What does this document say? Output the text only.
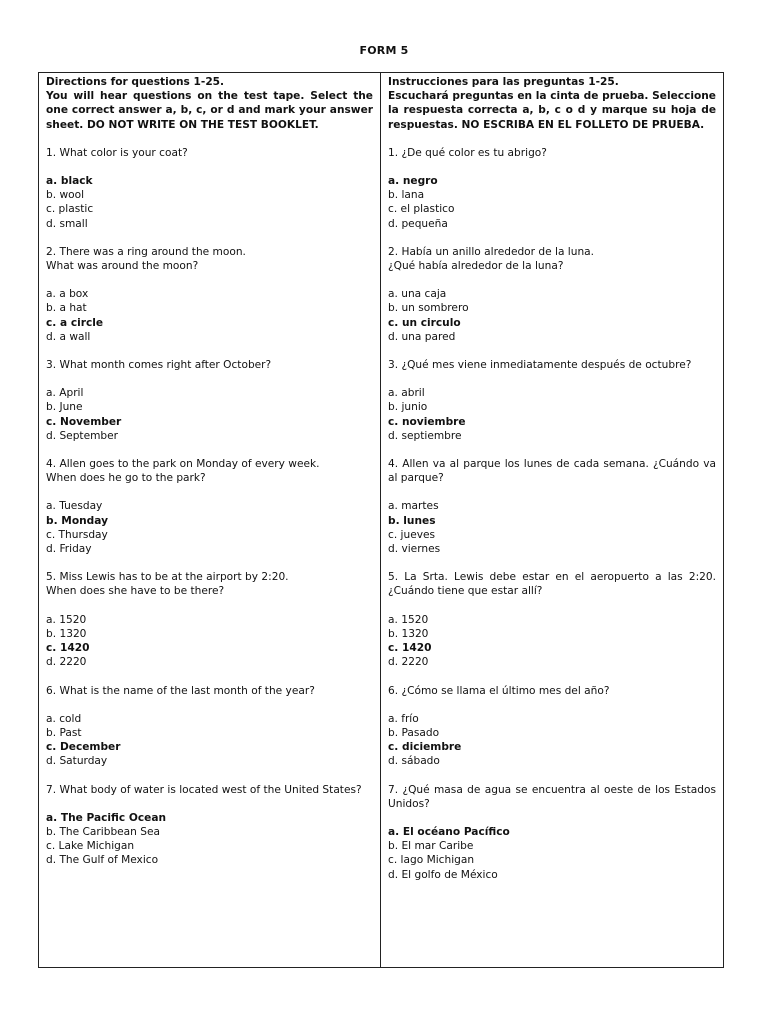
FORM 5
Directions for questions 1-25.
You will hear questions on the test tape. Select the one correct answer a, b, c, or d and mark your answer sheet. DO NOT WRITE ON THE TEST BOOKLET.
1. What color is your coat?
a. black
b. wool
c. plastic
d. small
2. There was a ring around the moon.
What was around the moon?
a. a box
b. a hat
c. a circle
d. a wall
3. What month comes right after October?
a. April
b. June
c. November
d. September
4. Allen goes to the park on Monday of every week.
When does he go to the park?
a. Tuesday
b. Monday
c. Thursday
d. Friday
5. Miss Lewis has to be at the airport by 2:20.
When does she have to be there?
a. 1520
b. 1320
c. 1420
d. 2220
6. What is the name of the last month of the year?
a. cold
b. Past
c. December
d. Saturday
7. What body of water is located west of the United States?
a. The Pacific Ocean
b. The Caribbean Sea
c. Lake Michigan
d. The Gulf of Mexico
Instrucciones para las preguntas 1-25.
Escuchará preguntas en la cinta de prueba. Seleccione la respuesta correcta a, b, c o d y marque su hoja de respuestas. NO ESCRIBA EN EL FOLLETO DE PRUEBA.
1. ¿De qué color es tu abrigo?
a. negro
b. lana
c. el plastico
d. pequeña
2. Había un anillo alrededor de la luna.
¿Qué había alrededor de la luna?
a. una caja
b. un sombrero
c. un circulo
d. una pared
3. ¿Qué mes viene inmediatamente después de octubre?
a. abril
b. junio
c. noviembre
d. septiembre
4. Allen va al parque los lunes de cada semana. ¿Cuándo va al parque?
a. martes
b. lunes
c. jueves
d. viernes
5. La Srta. Lewis debe estar en el aeropuerto a las 2:20. ¿Cuándo tiene que estar allí?
a. 1520
b. 1320
c. 1420
d. 2220
6. ¿Cómo se llama el último mes del año?
a. frío
b. Pasado
c. diciembre
d. sábado
7. ¿Qué masa de agua se encuentra al oeste de los Estados Unidos?
a. El océano Pacífico
b. El mar Caribe
c. lago Michigan
d. El golfo de México
